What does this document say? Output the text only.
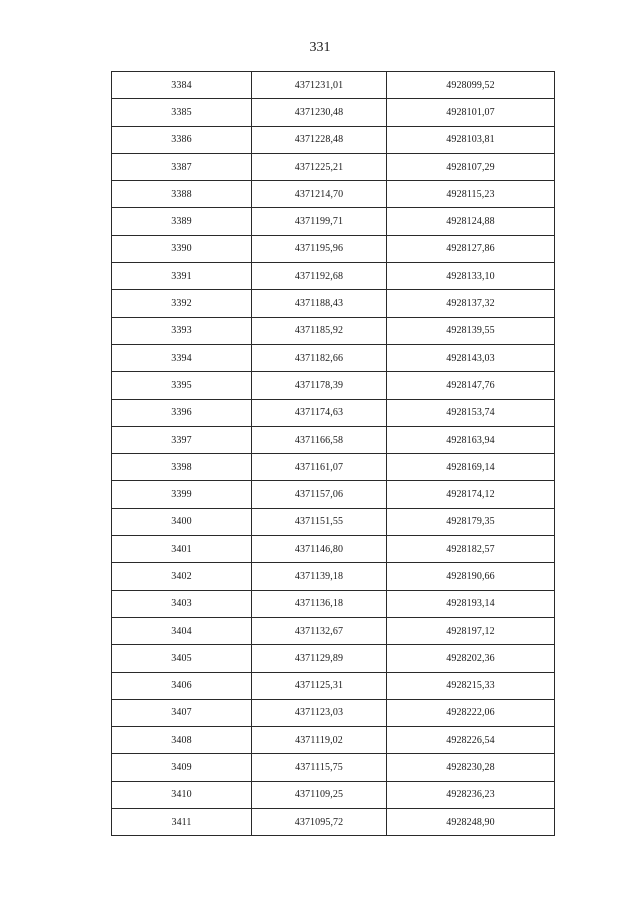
331
3384	4371231,01	4928099,52
3385	4371230,48	4928101,07
3386	4371228,48	4928103,81
3387	4371225,21	4928107,29
3388	4371214,70	4928115,23
3389	4371199,71	4928124,88
3390	4371195,96	4928127,86
3391	4371192,68	4928133,10
3392	4371188,43	4928137,32
3393	4371185,92	4928139,55
3394	4371182,66	4928143,03
3395	4371178,39	4928147,76
3396	4371174,63	4928153,74
3397	4371166,58	4928163,94
3398	4371161,07	4928169,14
3399	4371157,06	4928174,12
3400	4371151,55	4928179,35
3401	4371146,80	4928182,57
3402	4371139,18	4928190,66
3403	4371136,18	4928193,14
3404	4371132,67	4928197,12
3405	4371129,89	4928202,36
3406	4371125,31	4928215,33
3407	4371123,03	4928222,06
3408	4371119,02	4928226,54
3409	4371115,75	4928230,28
3410	4371109,25	4928236,23
3411	4371095,72	4928248,90
